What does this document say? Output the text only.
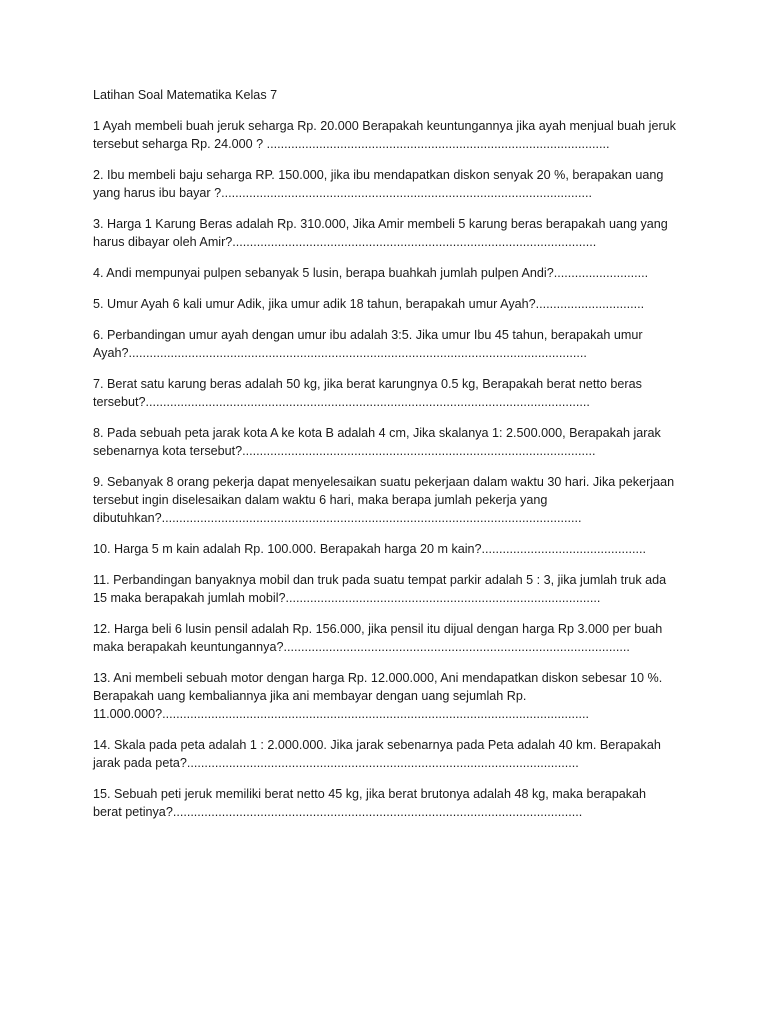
Latihan Soal Matematika Kelas 7

1 Ayah membeli buah jeruk seharga Rp. 20.000 Berapakah keuntungannya jika ayah menjual buah jeruk tersebut seharga Rp. 24.000 ? ..................................................................................................

2. Ibu membeli baju seharga RP. 150.000, jika ibu mendapatkan diskon senyak 20 %, berapakan uang yang harus ibu bayar ?..........................................................................................................

3. Harga 1 Karung Beras adalah Rp. 310.000, Jika Amir membeli 5 karung beras berapakah uang yang harus dibayar oleh Amir?........................................................................................................

4. Andi mempunyai pulpen sebanyak 5 lusin, berapa buahkah jumlah pulpen Andi?...........................

5. Umur Ayah 6 kali umur Adik, jika umur adik 18 tahun, berapakah umur Ayah?...............................

6. Perbandingan umur ayah dengan umur ibu adalah 3:5. Jika umur Ibu 45 tahun, berapakah umur Ayah?...................................................................................................................................

7. Berat satu karung beras adalah 50 kg, jika berat karungnya 0.5 kg, Berapakah berat netto beras tersebut?...............................................................................................................................

8. Pada sebuah peta jarak kota A ke kota B adalah 4 cm, Jika skalanya 1: 2.500.000, Berapakah jarak sebenarnya kota tersebut?.....................................................................................................

9. Sebanyak 8 orang pekerja dapat menyelesaikan suatu pekerjaan dalam waktu 30 hari. Jika pekerjaan tersebut ingin diselesaikan dalam waktu 6 hari, maka berapa jumlah pekerja yang dibutuhkan?........................................................................................................................

10. Harga 5 m kain adalah Rp. 100.000. Berapakah harga 20 m kain?...............................................

11. Perbandingan banyaknya mobil dan truk pada suatu tempat parkir adalah 5 : 3, jika jumlah truk ada 15 maka berapakah jumlah mobil?..........................................................................................

12. Harga beli 6 lusin pensil adalah Rp. 156.000, jika pensil itu dijual dengan harga Rp 3.000 per buah maka berapakah keuntungannya?...................................................................................................

13. Ani membeli sebuah motor dengan harga Rp. 12.000.000, Ani mendapatkan diskon sebesar 10 %. Berapakah uang kembaliannya jika ani membayar dengan uang sejumlah Rp. 11.000.000?..........................................................................................................................

14. Skala pada peta adalah 1 : 2.000.000. Jika jarak sebenarnya pada Peta adalah 40 km. Berapakah jarak pada peta?................................................................................................................

15. Sebuah peti jeruk memiliki berat netto 45 kg, jika berat brutonya adalah 48 kg, maka berapakah berat petinya?.....................................................................................................................
